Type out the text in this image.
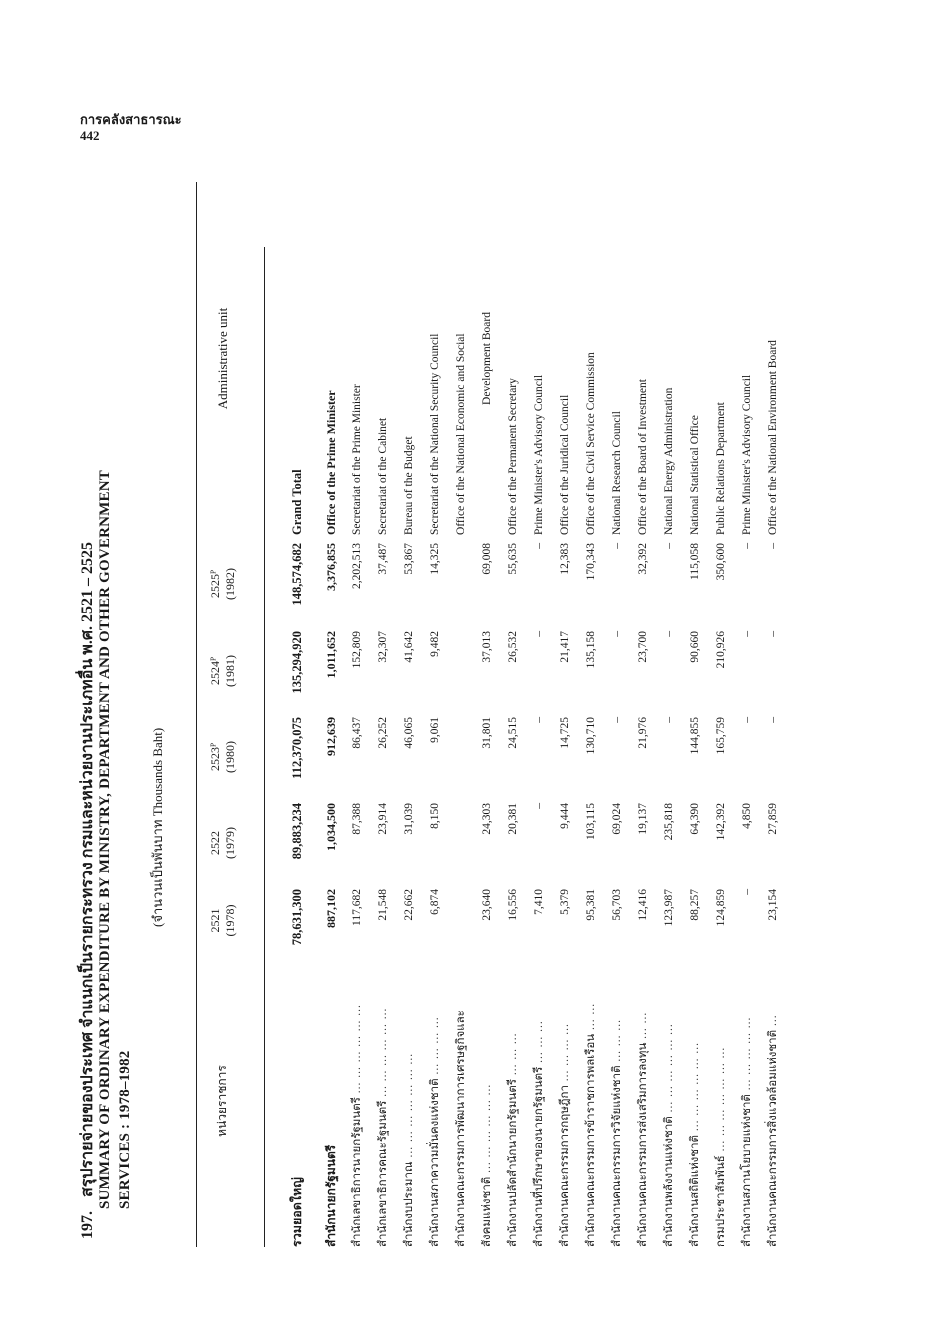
การคลังสาธารณะ
442
197. สรุปรายจ่ายของประเทศ จำแนกเป็นรายกระทรวง กรมและหน่วยงานประเภทอื่น พ.ศ. 2521 – 2525 SUMMARY OF ORDINARY EXPENDITURE BY MINISTRY, DEPARTMENT AND OTHER GOVERNMENT SERVICES : 1978–1982
(จำนวนเป็นพันบาท Thousands Baht)
หน่วยราชการ
2521 (1978)
2522 (1979)
2523ᴾ (1980)
2524ᴾ (1981)
2525ᴾ (1982)
Administrative unit
รวมยอดใหญ่
78,631,300
89,883,234
112,370,075
135,294,920
148,574,682
Grand Total
สำนักนายกรัฐมนตรี
887,102
1,034,500
912,639
1,011,652
3,376,855
Office of the Prime Minister
สำนักเลขาธิการนายกรัฐมนตรี ... ... ... ... ... ...
117,682
87,388
86,437
152,809
2,202,513
Secretariat of the Prime Minister
สำนักเลขาธิการคณะรัฐมนตรี ... ... ... ... ... ...
21,548
23,914
26,252
32,307
37,487
Secretariat of the Cabinet
สำนักงบประมาณ ... ... ... ... ... ... ...
22,662
31,039
46,065
41,642
53,867
Bureau of the Budget
สำนักงานสภาความมั่นคงแห่งชาติ ... ... ... ...
6,874
8,150
9,061
9,482
14,325
Secretariat of the National Security Council
สำนักงานคณะกรรมการพัฒนาการเศรษฐกิจและ
Office of the National Economic and Social
สังคมแห่งชาติ ... ... ... ... ... ...
23,640
24,303
31,801
37,013
69,008
Development Board
สำนักงานปลัดสำนักนายกรัฐมนตรี ... ... ...
16,556
20,381
24,515
26,532
55,635
Office of the Permanent Secretary
สำนักงานที่ปรึกษาของนายกรัฐมนตรี ... ... ...
7,410
–
–
–
–
Prime Minister's Advisory Council
สำนักงานคณะกรรมการกฤษฎีกา ... ... ... ...
5,379
9,444
14,725
21,417
12,383
Office of the Juridical Council
สำนักงานคณะกรรมการข้าราชการพลเรือน ... ...
95,381
103,115
130,710
135,158
170,343
Office of the Civil Service Commission
สำนักงานคณะกรรมการวิจัยแห่งชาติ ... ... ...
56,703
69,024
–
–
–
National Research Council
สำนักงานคณะกรรมการส่งเสริมการลงทุน ... ...
12,416
19,137
21,976
23,700
32,392
Office of the Board of Investment
สำนักงานพลังงานแห่งชาติ ... ... ... ... ... ...
123,987
235,818
–
–
–
National Energy Administration
สำนักงานสถิติแห่งชาติ ... ... ... ... ... ...
88,257
64,390
144,855
90,660
115,058
National Statistical Office
กรมประชาสัมพันธ์ ... ... ... ... ... ... ...
124,859
142,392
165,759
210,926
350,600
Public Relations Department
สำนักงานสภานโยบายแห่งชาติ ... ... ... ... ...
–
4,850
–
–
–
Prime Minister's Advisory Council
สำนักงานคณะกรรมการสิ่งแวดล้อมแห่งชาติ ...
23,154
27,859
–
–
–
Office of the National Environment Board
